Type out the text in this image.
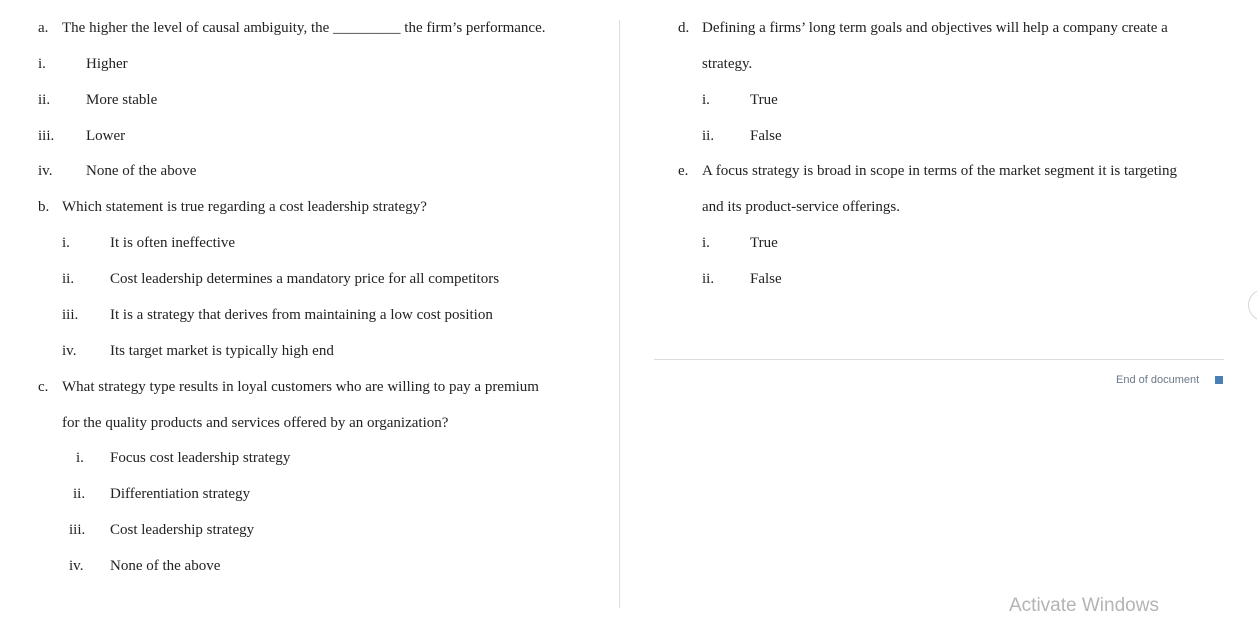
a. The higher the level of causal ambiguity, the _________ the firm’s performance.
i.	Higher
ii. More stable
iii. Lower
iv. None of the above
b. Which statement is true regarding a cost leadership strategy?
i.	It is often ineffective
ii. Cost leadership determines a mandatory price for all competitors
iii. It is a strategy that derives from maintaining a low cost position
iv. Its target market is typically high end
c. What strategy type results in loyal customers who are willing to pay a premium
for the quality products and services offered by an organization?
i. Focus cost leadership strategy
ii. Differentiation strategy
iii. Cost leadership strategy
iv. None of the above
d. Defining a firms’ long term goals and objectives will help a company create a
strategy.
i.	True
ii. False
e. A focus strategy is broad in scope in terms of the market segment it is targeting
and its product-service offerings.
i.	True
ii. False
End of document
Activate Windows
